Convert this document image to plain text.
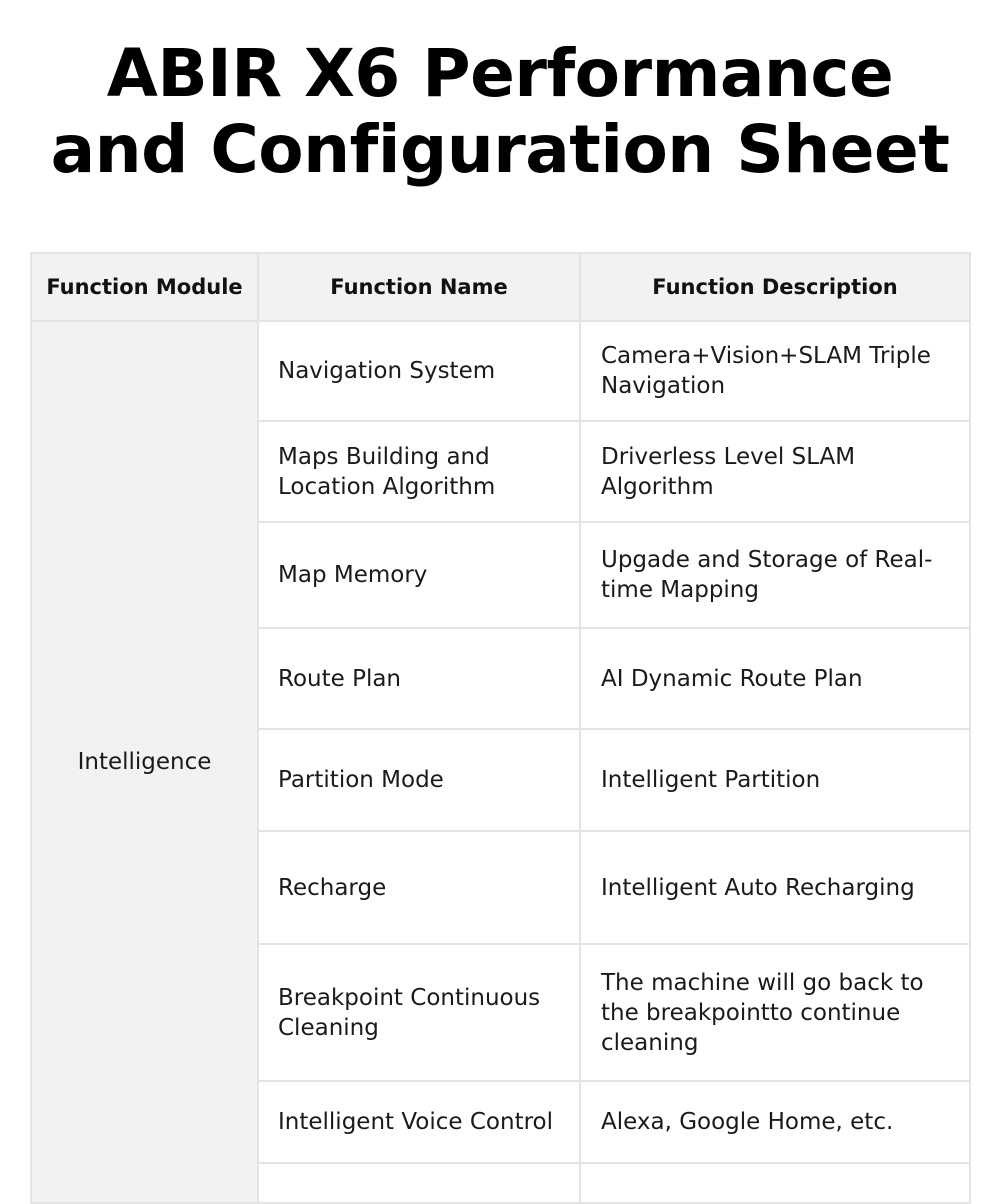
ABIR X6 Performance
and Configuration Sheet
Function Module	Function Name	Function Description

Intelligence	Navigation System	Camera+Vision+SLAM Triple Navigation

	Maps Building and Location Algorithm	Driverless Level SLAM Algorithm

	Map Memory	Upgade and Storage of Real-time Mapping

	Route Plan	AI Dynamic Route Plan

	Partition Mode	Intelligent Partition

	Recharge	Intelligent Auto Recharging

	Breakpoint Continuous Cleaning	The machine will go back to the breakpointto continue cleaning

	Intelligent Voice Control	Alexa, Google Home, etc.
